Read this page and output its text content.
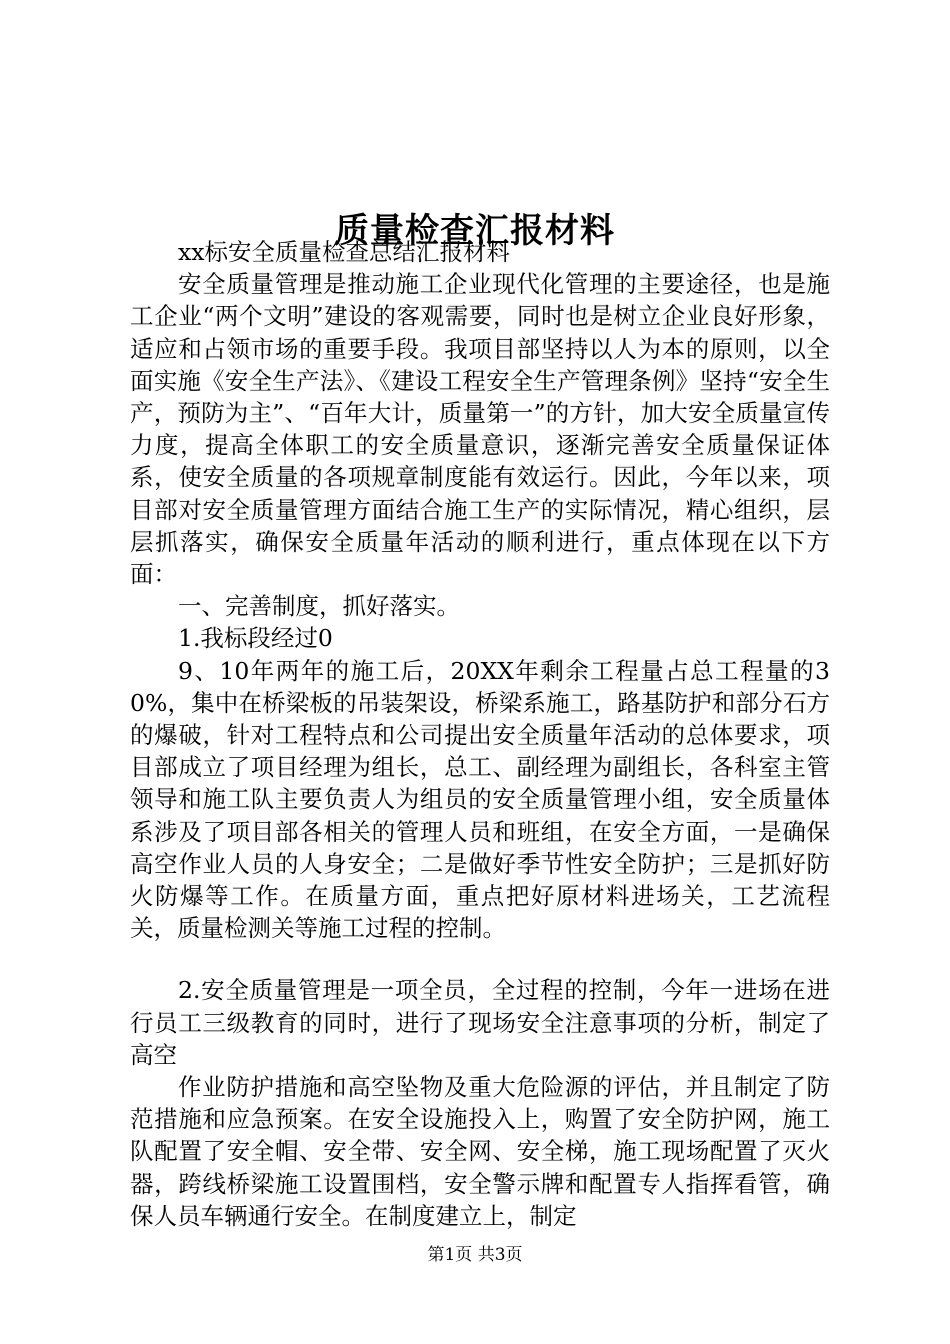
质量检查汇报材料

xx标安全质量检查总结汇报材料

安全质量管理是推动施工企业现代化管理的主要途径，也是施工企业“两个文明”建设的客观需要，同时也是树立企业良好形象，适应和占领市场的重要手段。我项目部坚持以人为本的原则，以全面实施《安全生产法》、《建设工程安全生产管理条例》坚持“安全生产，预防为主”、“百年大计，质量第一”的方针，加大安全质量宣传力度，提高全体职工的安全质量意识，逐渐完善安全质量保证体系，使安全质量的各项规章制度能有效运行。因此，今年以来，项目部对安全质量管理方面结合施工生产的实际情况，精心组织，层层抓落实，确保安全质量年活动的顺利进行，重点体现在以下方面：

一、完善制度，抓好落实。

1.我标段经过0

9、10年两年的施工后，20XX年剩余工程量占总工程量的30%，集中在桥梁板的吊装架设，桥梁系施工，路基防护和部分石方的爆破，针对工程特点和公司提出安全质量年活动的总体要求，项目部成立了项目经理为组长，总工、副经理为副组长，各科室主管领导和施工队主要负责人为组员的安全质量管理小组，安全质量体系涉及了项目部各相关的管理人员和班组，在安全方面，一是确保高空作业人员的人身安全；二是做好季节性安全防护；三是抓好防火防爆等工作。在质量方面，重点把好原材料进场关，工艺流程关，质量检测关等施工过程的控制。

2.安全质量管理是一项全员，全过程的控制，今年一进场在进行员工三级教育的同时，进行了现场安全注意事项的分析，制定了高空

作业防护措施和高空坠物及重大危险源的评估，并且制定了防范措施和应急预案。在安全设施投入上，购置了安全防护网，施工队配置了安全帽、安全带、安全网、安全梯，施工现场配置了灭火器，跨线桥梁施工设置围档，安全警示牌和配置专人指挥看管，确保人员车辆通行安全。在制度建立上，制定

第1页 共3页
